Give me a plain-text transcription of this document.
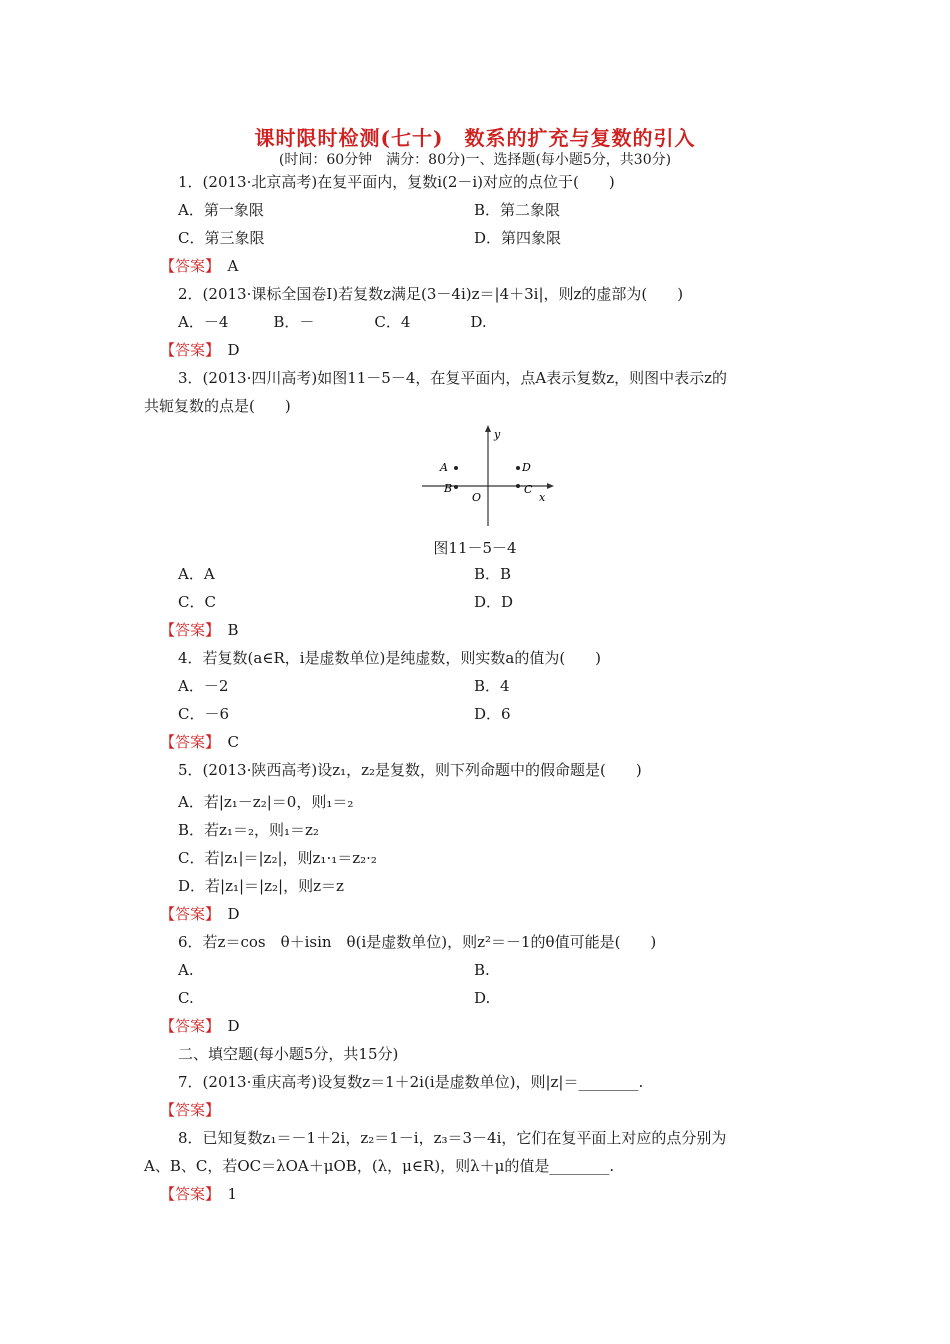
课时限时检测(七十)　数系的扩充与复数的引入
(时间：60分钟　满分：80分)一、选择题(每小题5分，共30分)
1．(2013·北京高考)在复平面内，复数i(2－i)对应的点位于(　　)
A．第一象限	B．第二象限
C．第三象限	D．第四象限
【答案】　 A
2．(2013·课标全国卷Ⅰ)若复数z满足(3－4i)z＝|4＋3i|，则z的虚部为(　　)
A．－4　　　B．－　　　　C．4　　　　D.
【答案】　 D
3．(2013·四川高考)如图11－5－4，在复平面内，点A表示复数z，则图中表示z的
共轭复数的点是(　　)
y
x
O
A
B
D
C
图11－5－4
A．A	B．B
C．C	D．D
【答案】　 B
4．若复数(a∈R，i是虚数单位)是纯虚数，则实数a的值为(　　)
A．－2	B．4
C．－6	D．6
【答案】　 C
5．(2013·陕西高考)设z₁，z₂是复数，则下列命题中的假命题是(　　)
A．若|z₁－z₂|＝0，则₁＝₂
B．若z₁＝₂，则₁＝z₂
C．若|z₁|＝|z₂|，则z₁·₁＝z₂·₂
D．若|z₁|＝|z₂|，则z＝z
【答案】　 D
6．若z＝cos　θ＋isin　θ(i是虚数单位)，则z²＝－1的θ值可能是(　　)
A.	B.
C.	D.
【答案】　 D
二、填空题(每小题5分，共15分)
7．(2013·重庆高考)设复数z＝1＋2i(i是虚数单位)，则|z|＝________.
【答案】　
8．已知复数z₁＝－1＋2i，z₂＝1－i，z₃＝3－4i，它们在复平面上对应的点分别为
A、B、C，若OC＝λOA＋μOB，(λ，μ∈R)，则λ＋μ的值是________.
【答案】　 1
